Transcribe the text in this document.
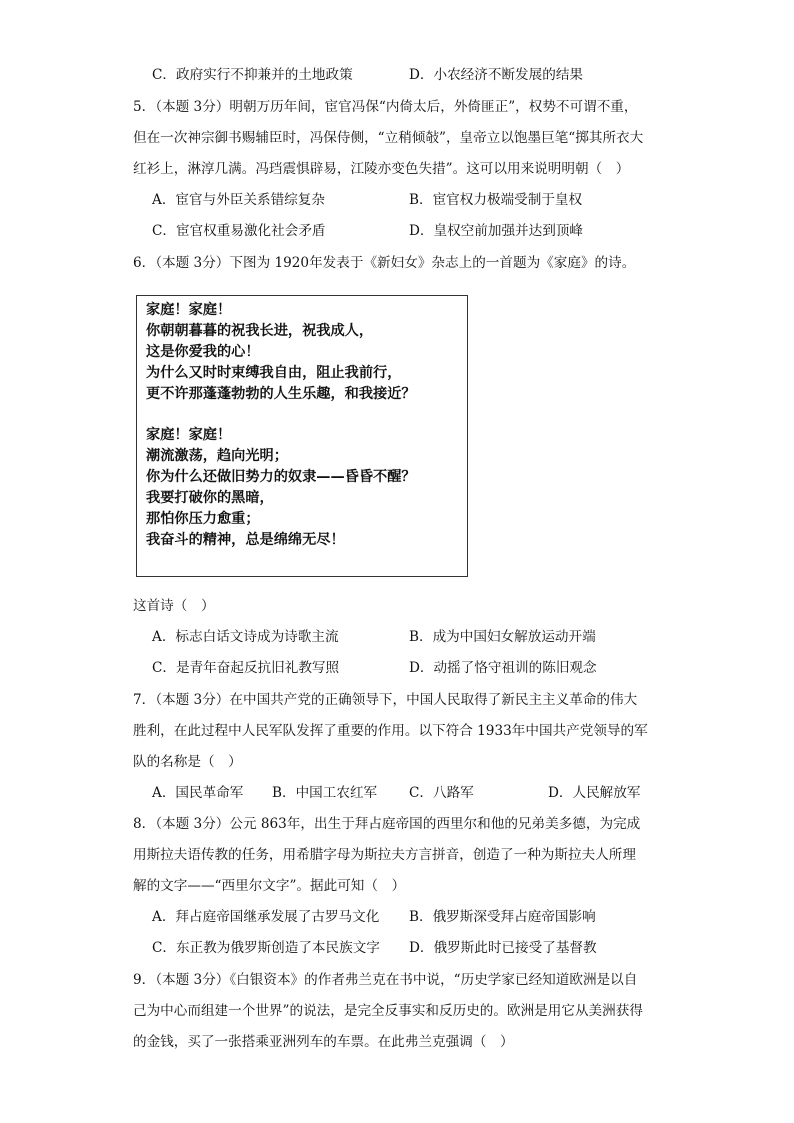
C．政府实行不抑兼并的土地政策	D．小农经济不断发展的结果
5．（本题 3分）明朝万历年间，宦官冯保“内倚太后，外倚匪正”，权势不可谓不重，
但在一次神宗御书赐辅臣时，冯保侍侧，“立稍倾敧”，皇帝立以饱墨巨笔“掷其所衣大
红衫上，淋淳几满。冯珰震惧辟易，江陵亦变色失措”。这可以用来说明明朝（　）
A．宦官与外臣关系错综复杂	B．宦官权力极端受制于皇权
C．宦官权重易激化社会矛盾	D．皇权空前加强并达到顶峰
6．（本题 3分）下图为 1920年发表于《新妇女》杂志上的一首题为《家庭》的诗。
家庭！家庭！
你朝朝暮暮的祝我长进，祝我成人，
这是你爱我的心！
为什么又时时束缚我自由，阻止我前行，
更不许那蓬蓬勃勃的人生乐趣，和我接近？
家庭！家庭！
潮流激荡，趋向光明；
你为什么还做旧势力的奴隶——昏昏不醒？
我要打破你的黑暗，
那怕你压力愈重；
我奋斗的精神，总是绵绵无尽！
这首诗（　）
A．标志白话文诗成为诗歌主流	B．成为中国妇女解放运动开端
C．是青年奋起反抗旧礼教写照	D．动摇了恪守祖训的陈旧观念
7．（本题 3分）在中国共产党的正确领导下，中国人民取得了新民主主义革命的伟大
胜利，在此过程中人民军队发挥了重要的作用。以下符合 1933年中国共产党领导的军
队的名称是（　）
A．国民革命军 B．中国工农红军 C．八路军	D．人民解放军
8．（本题 3分）公元 863年，出生于拜占庭帝国的西里尔和他的兄弟美多德，为完成
用斯拉夫语传教的任务，用希腊字母为斯拉夫方言拼音，创造了一种为斯拉夫人所理
解的文字——“西里尔文字”。据此可知（　）
A．拜占庭帝国继承发展了古罗马文化 B．俄罗斯深受拜占庭帝国影响
C．东正教为俄罗斯创造了本民族文字 D．俄罗斯此时已接受了基督教
9．（本题 3分）《白银资本》的作者弗兰克在书中说，“历史学家已经知道欧洲是以自
己为中心而组建一个世界”的说法，是完全反事实和反历史的。欧洲是用它从美洲获得
的金钱，买了一张搭乘亚洲列车的车票。在此弗兰克强调（　）
